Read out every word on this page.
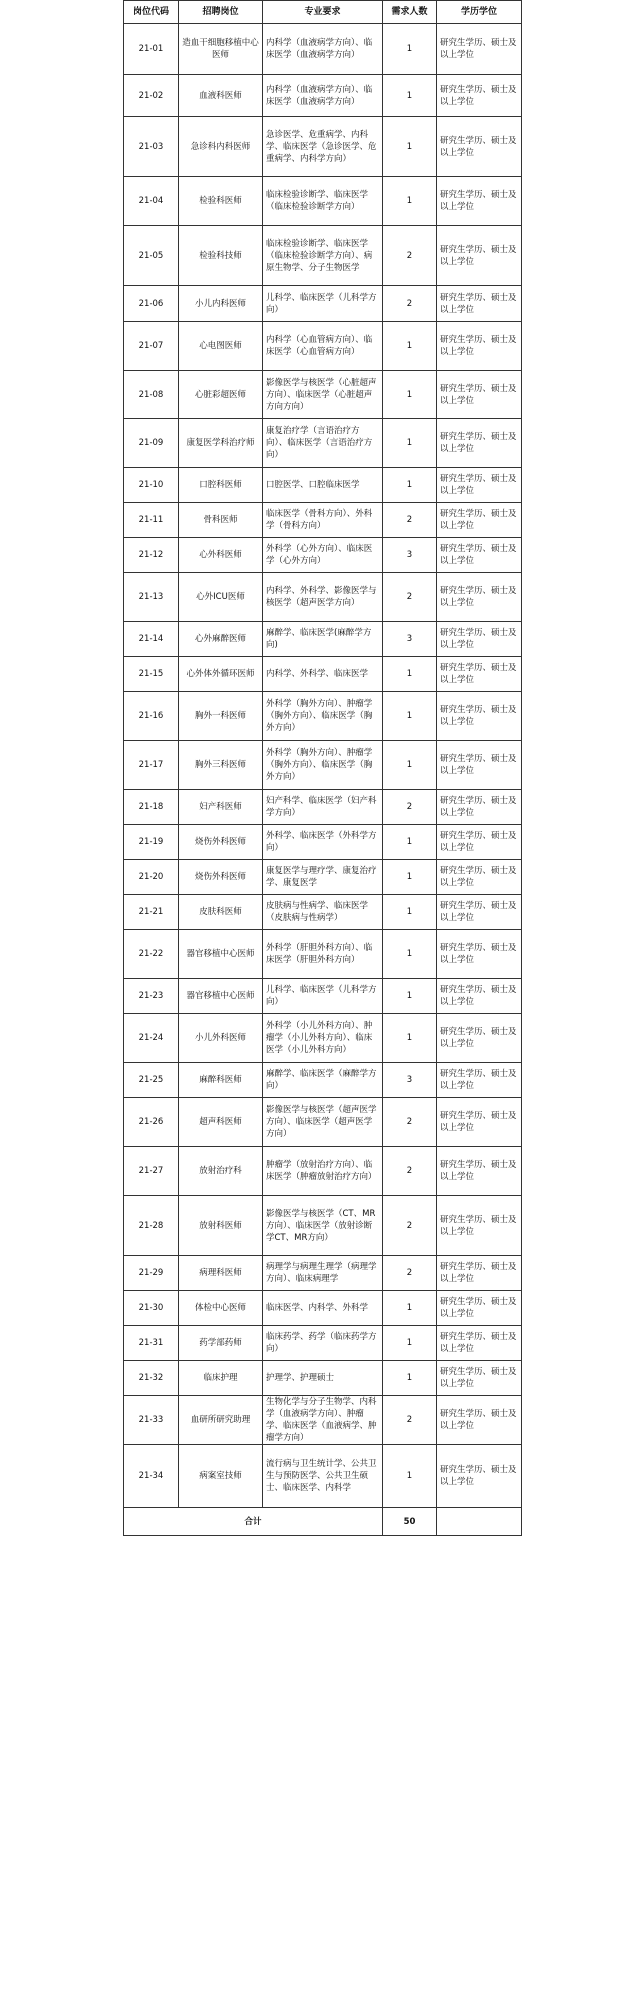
岗位代码	招聘岗位	专业要求	需求人数	学历学位
21-01	造血干细胞移植中心医师	内科学（血液病学方向）、临床医学（血液病学方向）	1	研究生学历、硕士及以上学位
21-02	血液科医师	内科学（血液病学方向）、临床医学（血液病学方向）	1	研究生学历、硕士及以上学位
21-03	急诊科内科医师	急诊医学、危重病学、内科学、临床医学（急诊医学、危重病学、内科学方向）	1	研究生学历、硕士及以上学位
21-04	检验科医师	临床检验诊断学、临床医学（临床检验诊断学方向）	1	研究生学历、硕士及以上学位
21-05	检验科技师	临床检验诊断学、临床医学（临床检验诊断学方向）、病原生物学、分子生物医学	2	研究生学历、硕士及以上学位
21-06	小儿内科医师	儿科学、临床医学（儿科学方向）	2	研究生学历、硕士及以上学位
21-07	心电图医师	内科学（心血管病方向）、临床医学（心血管病方向）	1	研究生学历、硕士及以上学位
21-08	心脏彩超医师	影像医学与核医学（心脏超声方向）、临床医学（心脏超声方向方向）	1	研究生学历、硕士及以上学位
21-09	康复医学科治疗师	康复治疗学（言语治疗方向）、临床医学（言语治疗方向）	1	研究生学历、硕士及以上学位
21-10	口腔科医师	口腔医学、口腔临床医学	1	研究生学历、硕士及以上学位
21-11	骨科医师	临床医学（骨科方向）、外科学（骨科方向）	2	研究生学历、硕士及以上学位
21-12	心外科医师	外科学（心外方向）、临床医学（心外方向）	3	研究生学历、硕士及以上学位
21-13	心外ICU医师	内科学、外科学、影像医学与核医学（超声医学方向）	2	研究生学历、硕士及以上学位
21-14	心外麻醉医师	麻醉学、临床医学(麻醉学方向)	3	研究生学历、硕士及以上学位
21-15	心外体外循环医师	内科学、外科学、临床医学	1	研究生学历、硕士及以上学位
21-16	胸外一科医师	外科学（胸外方向）、肿瘤学（胸外方向）、临床医学（胸外方向）	1	研究生学历、硕士及以上学位
21-17	胸外三科医师	外科学（胸外方向）、肿瘤学（胸外方向）、临床医学（胸外方向）	1	研究生学历、硕士及以上学位
21-18	妇产科医师	妇产科学、临床医学（妇产科学方向）	2	研究生学历、硕士及以上学位
21-19	烧伤外科医师	外科学、临床医学（外科学方向）	1	研究生学历、硕士及以上学位
21-20	烧伤外科医师	康复医学与理疗学、康复治疗学、康复医学	1	研究生学历、硕士及以上学位
21-21	皮肤科医师	皮肤病与性病学、临床医学（皮肤病与性病学）	1	研究生学历、硕士及以上学位
21-22	器官移植中心医师	外科学（肝胆外科方向）、临床医学（肝胆外科方向）	1	研究生学历、硕士及以上学位
21-23	器官移植中心医师	儿科学、临床医学（儿科学方向）	1	研究生学历、硕士及以上学位
21-24	小儿外科医师	外科学（小儿外科方向）、肿瘤学（小儿外科方向）、临床医学（小儿外科方向）	1	研究生学历、硕士及以上学位
21-25	麻醉科医师	麻醉学、临床医学（麻醉学方向）	3	研究生学历、硕士及以上学位
21-26	超声科医师	影像医学与核医学（超声医学方向）、临床医学（超声医学方向）	2	研究生学历、硕士及以上学位
21-27	放射治疗科	肿瘤学（放射治疗方向）、临床医学（肿瘤放射治疗方向）	2	研究生学历、硕士及以上学位
21-28	放射科医师	影像医学与核医学（CT、MR方向）、临床医学（放射诊断学CT、MR方向）	2	研究生学历、硕士及以上学位
21-29	病理科医师	病理学与病理生理学（病理学方向）、临床病理学	2	研究生学历、硕士及以上学位
21-30	体检中心医师	临床医学、内科学、外科学	1	研究生学历、硕士及以上学位
21-31	药学部药师	临床药学、药学（临床药学方向）	1	研究生学历、硕士及以上学位
21-32	临床护理	护理学、护理硕士	1	研究生学历、硕士及以上学位
21-33	血研所研究助理	生物化学与分子生物学、内科学（血液病学方向）、肿瘤学、临床医学（血液病学、肿瘤学方向）	2	研究生学历、硕士及以上学位
21-34	病案室技师	流行病与卫生统计学、公共卫生与预防医学、公共卫生硕士、临床医学、内科学	1	研究生学历、硕士及以上学位
合计			50	
